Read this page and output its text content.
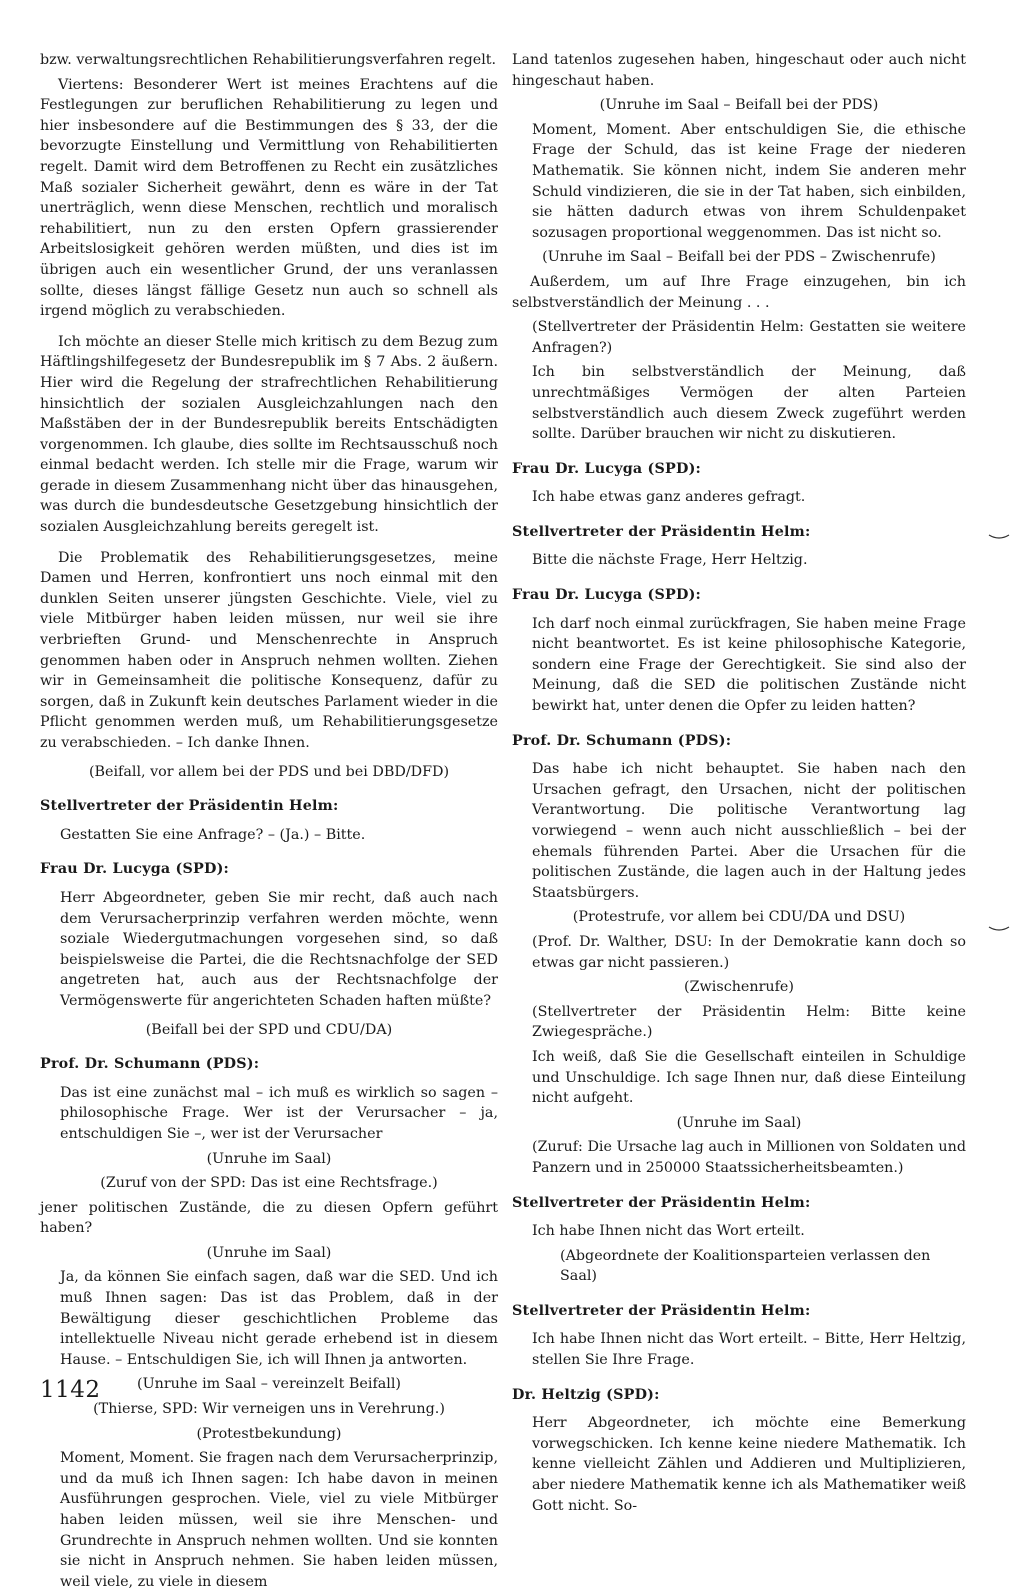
bzw. verwaltungsrechtlichen Rehabilitierungsverfahren regelt.

Viertens: Besonderer Wert ist meines Erachtens auf die Festlegungen zur beruflichen Rehabilitierung zu legen und hier insbesondere auf die Bestimmungen des § 33, der die bevorzugte Einstellung und Vermittlung von Rehabilitierten regelt. Damit wird dem Betroffenen zu Recht ein zusätzliches Maß sozialer Sicherheit gewährt, denn es wäre in der Tat unerträglich, wenn diese Menschen, rechtlich und moralisch rehabilitiert, nun zu den ersten Opfern grassierender Arbeitslosigkeit gehören werden müßten, und dies ist im übrigen auch ein wesentlicher Grund, der uns veranlassen sollte, dieses längst fällige Gesetz nun auch so schnell als irgend möglich zu verabschieden.

Ich möchte an dieser Stelle mich kritisch zu dem Bezug zum Häftlingshilfegesetz der Bundesrepublik im § 7 Abs. 2 äußern. Hier wird die Regelung der strafrechtlichen Rehabilitierung hinsichtlich der sozialen Ausgleichzahlungen nach den Maßstäben der in der Bundesrepublik bereits Entschädigten vorgenommen. Ich glaube, dies sollte im Rechtsausschuß noch einmal bedacht werden. Ich stelle mir die Frage, warum wir gerade in diesem Zusammenhang nicht über das hinausgehen, was durch die bundesdeutsche Gesetzgebung hinsichtlich der sozialen Ausgleichzahlung bereits geregelt ist.

Die Problematik des Rehabilitierungsgesetzes, meine Damen und Herren, konfrontiert uns noch einmal mit den dunklen Seiten unserer jüngsten Geschichte. Viele, viel zu viele Mitbürger haben leiden müssen, nur weil sie ihre verbrieften Grund- und Menschenrechte in Anspruch genommen haben oder in Anspruch nehmen wollten. Ziehen wir in Gemeinsamheit die politische Konsequenz, dafür zu sorgen, daß in Zukunft kein deutsches Parlament wieder in die Pflicht genommen werden muß, um Rehabilitierungsgesetze zu verabschieden. – Ich danke Ihnen.

(Beifall, vor allem bei der PDS und bei DBD/DFD)

Stellvertreter der Präsidentin Helm:

Gestatten Sie eine Anfrage? – (Ja.) – Bitte.

Frau Dr. Lucyga (SPD):

Herr Abgeordneter, geben Sie mir recht, daß auch nach dem Verursacherprinzip verfahren werden möchte, wenn soziale Wiedergutmachungen vorgesehen sind, so daß beispielsweise die Partei, die die Rechtsnachfolge der SED angetreten hat, auch aus der Rechtsnachfolge der Vermögenswerte für angerichteten Schaden haften müßte?

(Beifall bei der SPD und CDU/DA)

Prof. Dr. Schumann (PDS):

Das ist eine zunächst mal – ich muß es wirklich so sagen – philosophische Frage. Wer ist der Verursacher – ja, entschuldigen Sie –, wer ist der Verursacher

(Unruhe im Saal)

(Zuruf von der SPD: Das ist eine Rechtsfrage.)

jener politischen Zustände, die zu diesen Opfern geführt haben?

(Unruhe im Saal)

Ja, da können Sie einfach sagen, daß war die SED. Und ich muß Ihnen sagen: Das ist das Problem, daß in der Bewältigung dieser geschichtlichen Probleme das intellektuelle Niveau nicht gerade erhebend ist in diesem Hause. – Entschuldigen Sie, ich will Ihnen ja antworten.

(Unruhe im Saal – vereinzelt Beifall)

(Thierse, SPD: Wir verneigen uns in Verehrung.)

(Protestbekundung)

Moment, Moment. Sie fragen nach dem Verursacherprinzip, und da muß ich Ihnen sagen: Ich habe davon in meinen Ausführungen gesprochen. Viele, viel zu viele Mitbürger haben leiden müssen, weil sie ihre Menschen- und Grundrechte in Anspruch nehmen wollten. Und sie konnten sie nicht in Anspruch nehmen. Sie haben leiden müssen, weil viele, zu viele in diesem

Land tatenlos zugesehen haben, hingeschaut oder auch nicht hingeschaut haben.

(Unruhe im Saal – Beifall bei der PDS)

Moment, Moment. Aber entschuldigen Sie, die ethische Frage der Schuld, das ist keine Frage der niederen Mathematik. Sie können nicht, indem Sie anderen mehr Schuld vindizieren, die sie in der Tat haben, sich einbilden, sie hätten dadurch etwas von ihrem Schuldenpaket sozusagen proportional weggenommen. Das ist nicht so.

(Unruhe im Saal – Beifall bei der PDS – Zwischenrufe)

Außerdem, um auf Ihre Frage einzugehen, bin ich selbstverständlich der Meinung . . .

(Stellvertreter der Präsidentin Helm: Gestatten sie weitere Anfragen?)

Ich bin selbstverständlich der Meinung, daß unrechtmäßiges Vermögen der alten Parteien selbstverständlich auch diesem Zweck zugeführt werden sollte. Darüber brauchen wir nicht zu diskutieren.

Frau Dr. Lucyga (SPD):

Ich habe etwas ganz anderes gefragt.

Stellvertreter der Präsidentin Helm:

Bitte die nächste Frage, Herr Heltzig.

Frau Dr. Lucyga (SPD):

Ich darf noch einmal zurückfragen, Sie haben meine Frage nicht beantwortet. Es ist keine philosophische Kategorie, sondern eine Frage der Gerechtigkeit. Sie sind also der Meinung, daß die SED die politischen Zustände nicht bewirkt hat, unter denen die Opfer zu leiden hatten?

Prof. Dr. Schumann (PDS):

Das habe ich nicht behauptet. Sie haben nach den Ursachen gefragt, den Ursachen, nicht der politischen Verantwortung. Die politische Verantwortung lag vorwiegend – wenn auch nicht ausschließlich – bei der ehemals führenden Partei. Aber die Ursachen für die politischen Zustände, die lagen auch in der Haltung jedes Staatsbürgers.

(Protestrufe, vor allem bei CDU/DA und DSU)

(Prof. Dr. Walther, DSU: In der Demokratie kann doch so etwas gar nicht passieren.)

(Zwischenrufe)

(Stellvertreter der Präsidentin Helm: Bitte keine Zwiegespräche.)

Ich weiß, daß Sie die Gesellschaft einteilen in Schuldige und Unschuldige. Ich sage Ihnen nur, daß diese Einteilung nicht aufgeht.

(Unruhe im Saal)

(Zuruf: Die Ursache lag auch in Millionen von Soldaten und Panzern und in 250000 Staatssicherheitsbeamten.)

Stellvertreter der Präsidentin Helm:

Ich habe Ihnen nicht das Wort erteilt.

(Abgeordnete der Koalitionsparteien verlassen den Saal)

Stellvertreter der Präsidentin Helm:

Ich habe Ihnen nicht das Wort erteilt. – Bitte, Herr Heltzig, stellen Sie Ihre Frage.

Dr. Heltzig (SPD):

Herr Abgeordneter, ich möchte eine Bemerkung vorwegschicken. Ich kenne keine niedere Mathematik. Ich kenne vielleicht Zählen und Addieren und Multiplizieren, aber niedere Mathematik kenne ich als Mathematiker weiß Gott nicht. So-

1142
